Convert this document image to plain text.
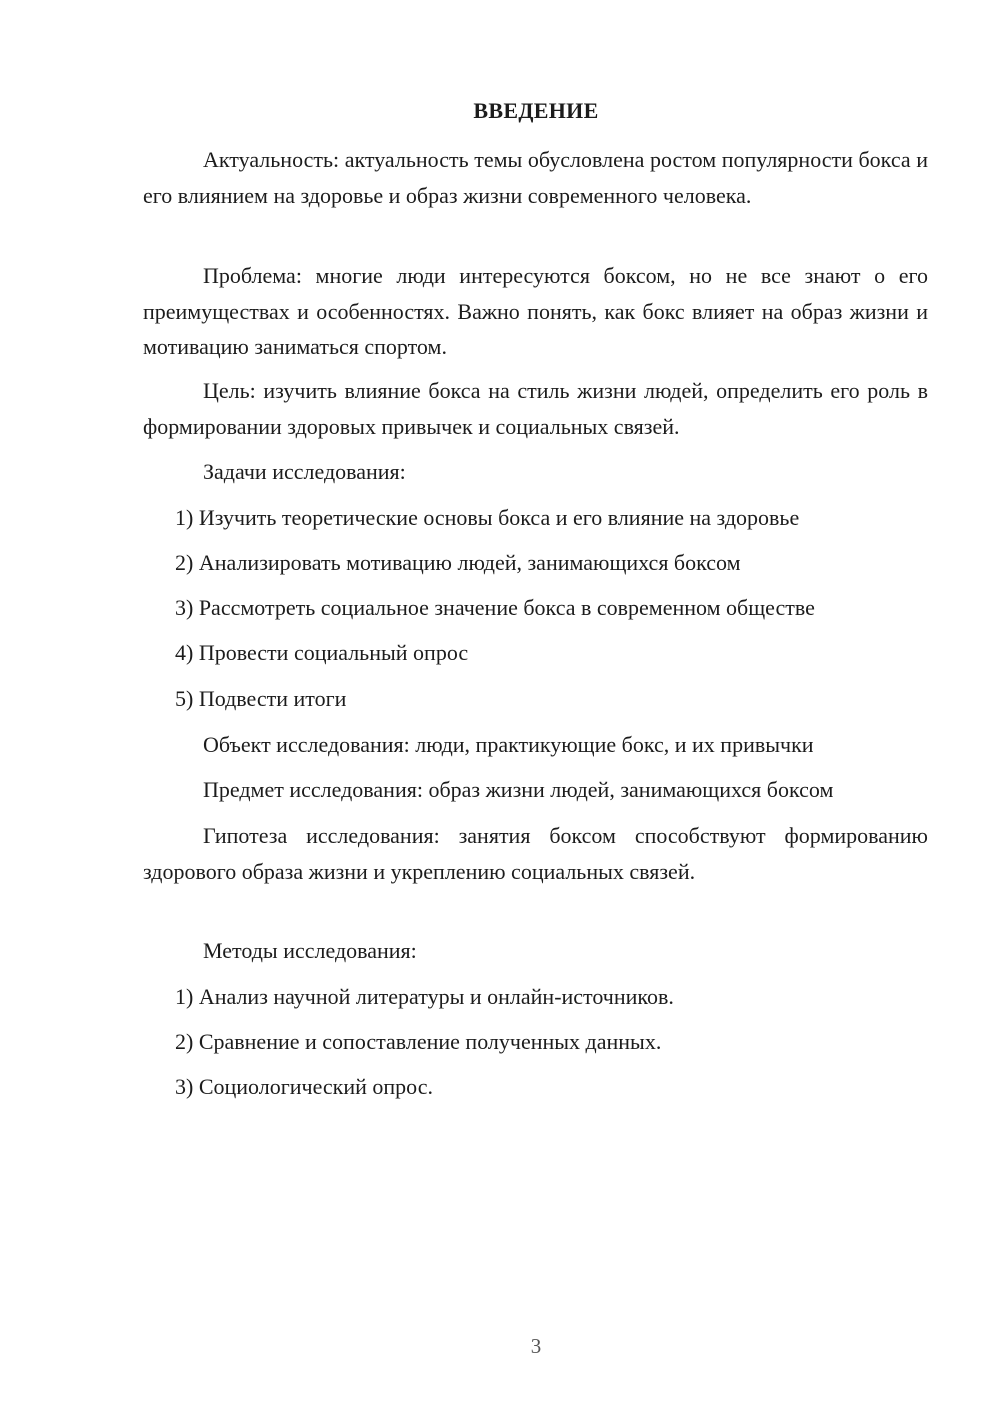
ВВЕДЕНИЕ
Актуальность: актуальность темы обусловлена ростом популярности бокса и его влиянием на здоровье и образ жизни современного человека.
Проблема: многие люди интересуются боксом, но не все знают о его преимуществах и особенностях. Важно понять, как бокс влияет на образ жизни и мотивацию заниматься спортом.
Цель: изучить влияние бокса на стиль жизни людей, определить его роль в формировании здоровых привычек и социальных связей.
Задачи исследования:
1) Изучить теоретические основы бокса и его влияние на здоровье
2) Анализировать мотивацию людей, занимающихся боксом
3) Рассмотреть социальное значение бокса в современном обществе
4) Провести социальный опрос
5) Подвести итоги
Объект исследования: люди, практикующие бокс, и их привычки
Предмет исследования: образ жизни людей, занимающихся боксом
Гипотеза исследования: занятия боксом способствуют формированию здорового образа жизни и укреплению социальных связей.
Методы исследования:
1) Анализ научной литературы и онлайн-источников.
2) Сравнение и сопоставление полученных данных.
3) Социологический опрос.
3
